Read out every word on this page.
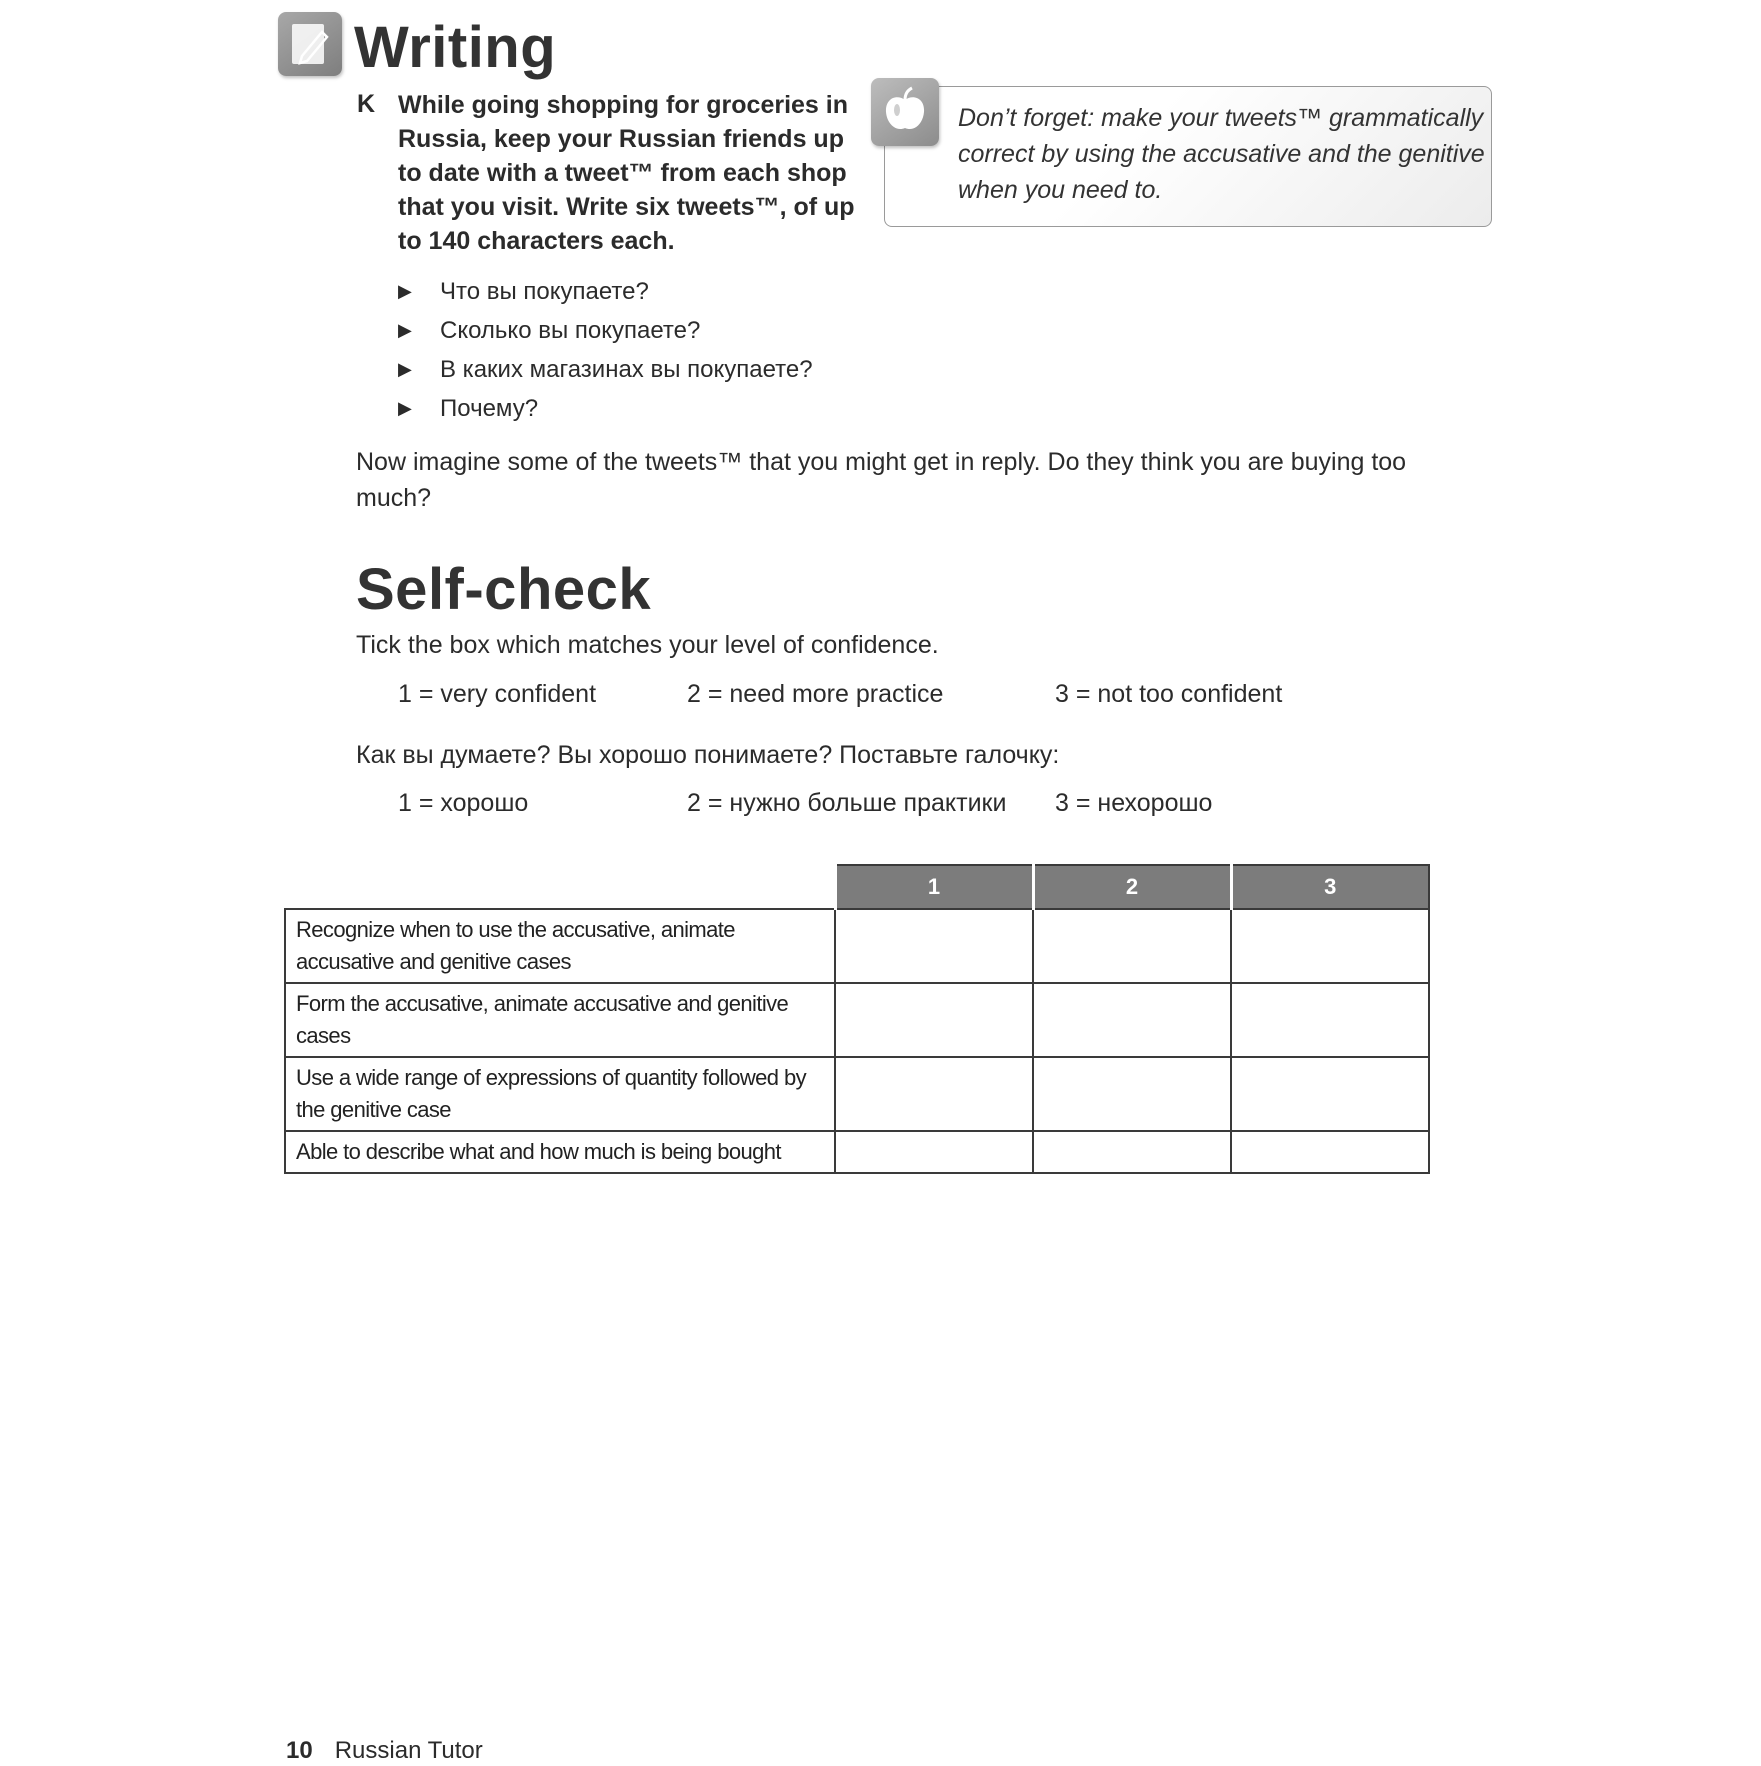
Writing
K While going shopping for groceries in Russia, keep your Russian friends up to date with a tweet™ from each shop that you visit. Write six tweets™, of up to 140 characters each.
▶	Что вы покупаете?
▶	Сколько вы покупаете?
▶	В каких магазинах вы покупаете?
▶	Почему?
Now imagine some of the tweets™ that you might get in reply. Do they think you are buying too much?
Don’t forget: make your tweets™ grammatically correct by using the accusative and the genitive when you need to.
Self-check
Tick the box which matches your level of confidence.
1 = very confident	2 = need more practice	3 = not too confident
Как вы думаете? Вы хорошо понимаете? Поставьте галочку:
1 = хорошо	2 = нужно больше практики 3 = нехорошо
	1	2	3
Recognize when to use the accusative, animate accusative and genitive cases			
Form the accusative, animate accusative and genitive cases			
Use a wide range of expressions of quantity followed by the genitive case			
Able to describe what and how much is being bought			
10 Russian Tutor
